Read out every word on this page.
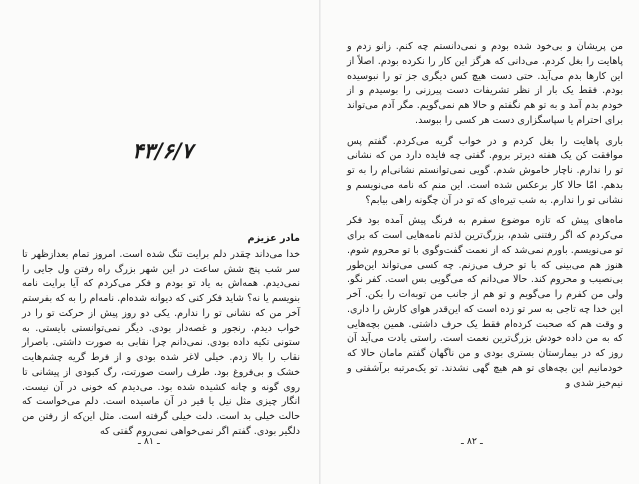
۴۳/۶/۷

مادر عزیزم

خدا می‌داند چقدر دلم برایت تنگ شده است. امروز تمام بعدازظهر تا سر شب پنج شش ساعت در این شهر بزرگ راه رفتن ول جایی را نمی‌دیدم. همه‌اش به یاد تو بودم و فکر می‌کردم که آیا برایت نامه بنویسم یا نه؟ شاید فکر کنی که دیوانه شده‌ام. نامه‌ام را به که بفرستم آخر من که نشانی تو را ندارم. یکی دو روز پیش از حرکت تو را در خواب دیدم. رنجور و غصه‌دار بودی. دیگر نمی‌توانستی بایستی. به ستونی تکیه داده بودی. نمی‌دانم چرا نقابی به صورت داشتی. باصرار نقاب را بالا زدم. خیلی لاغر شده بودی و از فرط گریه چشم‌هایت خشک و بی‌فروغ بود. طرف راست صورتت، رگ کبودی از پیشانی تا روی گونه و چانه کشیده شده بود. می‌دیدم که خونی در آن نیست. انگار چیزی مثل نیل یا قیر در آن ماسیده است. دلم می‌خواست که حالت خیلی بد است. دلت خیلی گرفته است. مثل این‌که از رفتن من دلگیر بودی. گفتم اگر نمی‌خواهی نمی‌روم گفتی که

ـ ۸۱ ـ

من پریشان و بی‌خود شده بودم و نمی‌دانستم چه کنم. زانو زدم و پاهایت را بغل کردم. می‌دانی که هرگز این کار را نکرده بودم. اصلاً از این کارها بدم می‌آید. حتی دست هیچ کس دیگری جز تو را نبوسیده بودم. فقط یک بار از نظر تشریفات دست پیرزنی را بوسیدم و از خودم بدم آمد و به تو هم نگفتم و حالا هم نمی‌گویم. مگر آدم می‌تواند برای احترام یا سپاسگزاری دست هر کسی را ببوسد.

باری پاهایت را بغل کردم و در خواب گریه می‌کردم. گفتم پس موافقت کن یک هفته دیرتر بروم. گفتی چه فایده دارد من که نشانی تو را ندارم. ناچار خاموش شدم. گویی نمی‌توانستم نشانی‌ام را به تو بدهم. امّا حالا کار برعکس شده است. این منم که نامه می‌نویسم و نشانی تو را ندارم. به شب تیره‌ای که تو در آن چگونه راهی بیابم؟

ماه‌های پیش که تازه موضوع سفرم به فرنگ پیش آمده بود فکر می‌کردم که اگر رفتنی شدم، بزرگ‌ترین لذتم نامه‌هایی است که برای تو می‌نویسم. باورم نمی‌شد که از نعمت گفت‌وگوی با تو محروم شوم. هنوز هم می‌بینی که با تو حرف می‌زنم. چه کسی می‌تواند این‌طور بی‌نصیب و محروم کند. حالا می‌دانم که می‌گویی بس است. کفر نگو. ولی من کفرم را می‌گویم و تو هم از جانب من توبه‌ات را بکن. آخر این خدا چه تاجی به سر تو زده است که این‌قدر هوای کارش را داری. و وقت هم که صحبت کرده‌ام فقط یک حرف داشتی. همین بچه‌هایی که به من داده خودش بزرگ‌ترین نعمت است. راستی یادت می‌آید آن روز که در بیمارستان بستری بودی و من ناگهان گفتم مامان حالا که خودمانیم این بچه‌های تو هم هیچ گهی نشدند. تو یک‌مرتبه برآشفتی و نیم‌خیز شدی و

ـ ۸۲ ـ
